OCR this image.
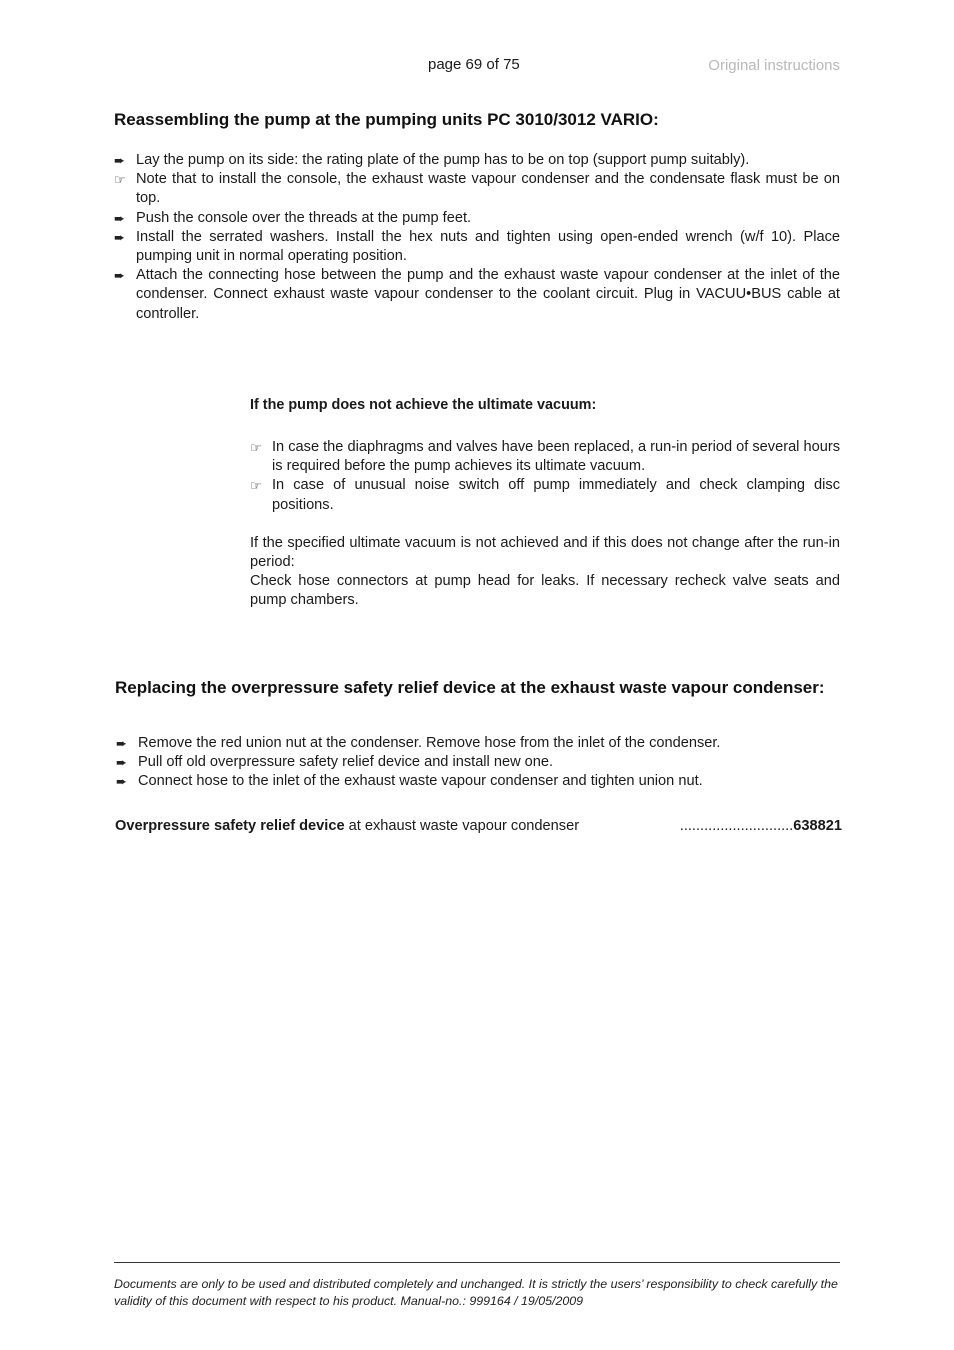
page 69 of 75	Original instructions
Reassembling the pump at the pumping units PC 3010/3012 VARIO:
➨ Lay the pump on its side: the rating plate of the pump has to be on top (support pump suitably).
☞ Note that to install the console, the exhaust waste vapour condenser and the condensate flask must be on top.
➨ Push the console over the threads at the pump feet.
➨ Install the serrated washers. Install the hex nuts and tighten using open-ended wrench (w/f 10). Place pumping unit in normal operating position.
➨ Attach the connecting hose between the pump and the exhaust waste vapour condenser at the inlet of the condenser. Connect exhaust waste vapour condenser to the coolant circuit. Plug in VACUU•BUS cable at controller.
If the pump does not achieve the ultimate vacuum:
☞ In case the diaphragms and valves have been replaced, a run-in period of several hours is required before the pump achieves its ultimate vacuum.
☞ In case of unusual noise switch off pump immediately and check clamping disc positions.

If the specified ultimate vacuum is not achieved and if this does not change after the run-in period:

Check hose connectors at pump head for leaks. If necessary recheck valve seats and pump chambers.

Replacing the overpressure safety relief device at the exhaust waste vapour condenser:
➨ Remove the red union nut at the condenser. Remove hose from the inlet of the condenser.
➨ Pull off old overpressure safety relief device and install new one.
➨ Connect hose to the inlet of the exhaust waste vapour condenser and tighten union nut.
Overpressure safety relief device at exhaust waste vapour condenser	............................ 638821
Documents are only to be used and distributed completely and unchanged. It is strictly the users’ responsibility to check carefully the validity of this document with respect to his product. Manual-no.: 999164 / 19/05/2009
